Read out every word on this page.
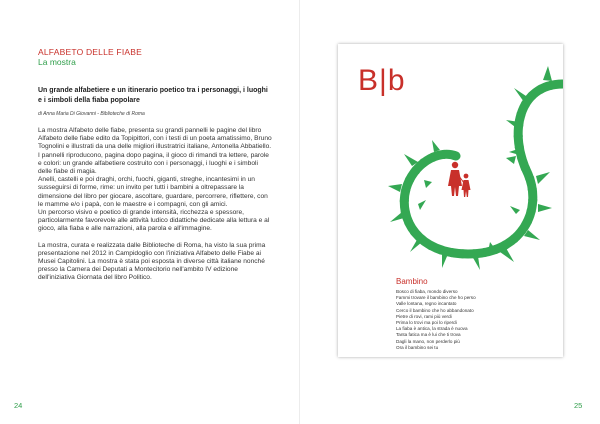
ALFABETO DELLE FIABE
La mostra
Un grande alfabetiere e un itinerario poetico tra i personaggi, i luoghi e i simboli della fiaba popolare
di Anna Maria Di Giovanni - Biblioteche di Roma

La mostra Alfabeto delle fiabe, presenta su grandi pannelli le pagine del libro Alfabeto delle fiabe edito da Topipittori, con i testi di un poeta amatissimo, Bruno Tognolini e illustrati da una delle migliori illustratrici italiane, Antonella Abbatiello.

I pannelli riproducono, pagina dopo pagina, il gioco di rimandi tra lettere, parole e colori: un grande alfabetiere costruito con i personaggi, i luoghi e i simboli delle fiabe di magia.

Anelli, castelli e poi draghi, orchi, fuochi, giganti, streghe, incantesimi in un susseguirsi di forme, rime: un invito per tutti i bambini a oltrepassare la dimensione del libro per giocare, ascoltare, guardare, percorrere, riflettere, con le mamme e/o i papà, con le maestre e i compagni, con gli amici.

Un percorso visivo e poetico di grande intensità, ricchezza e spessore, particolarmente favorevole alle attività ludico didattiche dedicate alla lettura e al gioco, alla fiaba e alle narrazioni, alla parola e all'immagine.

La mostra, curata e realizzata dalle Biblioteche di Roma, ha visto la sua prima presentazione nel 2012 in Campidoglio con l'iniziativa Alfabeto delle Fiabe ai Musei Capitolini. La mostra è stata poi esposta in diverse città italiane nonché presso la Camera dei Deputati a Montecitorio nell'ambito IV edizione dell'iniziativa Giornata del libro Politico.

24
B|b
Bambino
Bosco di fiaba, mondo diverso
Fammi trovare il bambino che ho perso
Valle lontana, regno incantato
Cerco il bambino che ho abbandonato
Pietre di rovi, rami più verdi
Prima lo trovi ma poi lo riperdi
La fiaba è antica, la strada è nuova
Tanta fatica ma è lui che ti trova
Dagli la mano, non perderlo più
Ora il bambino sei tu
25
